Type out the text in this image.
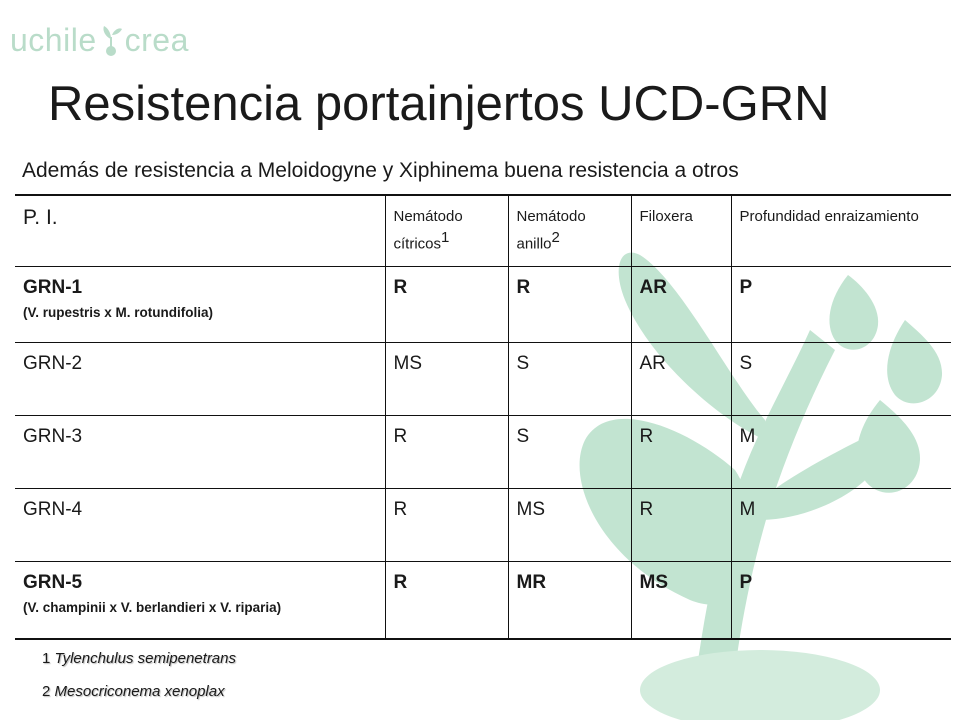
uchile crea
Resistencia portainjertos UCD-GRN
Además de resistencia a Meloidogyne y Xiphinema buena resistencia a otros
P. I.	Nemátodo cítricos$^1$	Nemátodo anillo$^2$	Filoxera	Profundidad enraizamiento
GRN-1
(V. rupestris x M. rotundifolia)	R	R	AR	P
GRN-2	MS	S	AR	S
GRN-3	R	S	R	M
GRN-4	R	MS	R	M
GRN-5
(V. champinii x V. berlandieri x V. riparia)	R	MR	MS	P
1 Tylenchulus semipenetrans
2 Mesocriconema xenoplax
